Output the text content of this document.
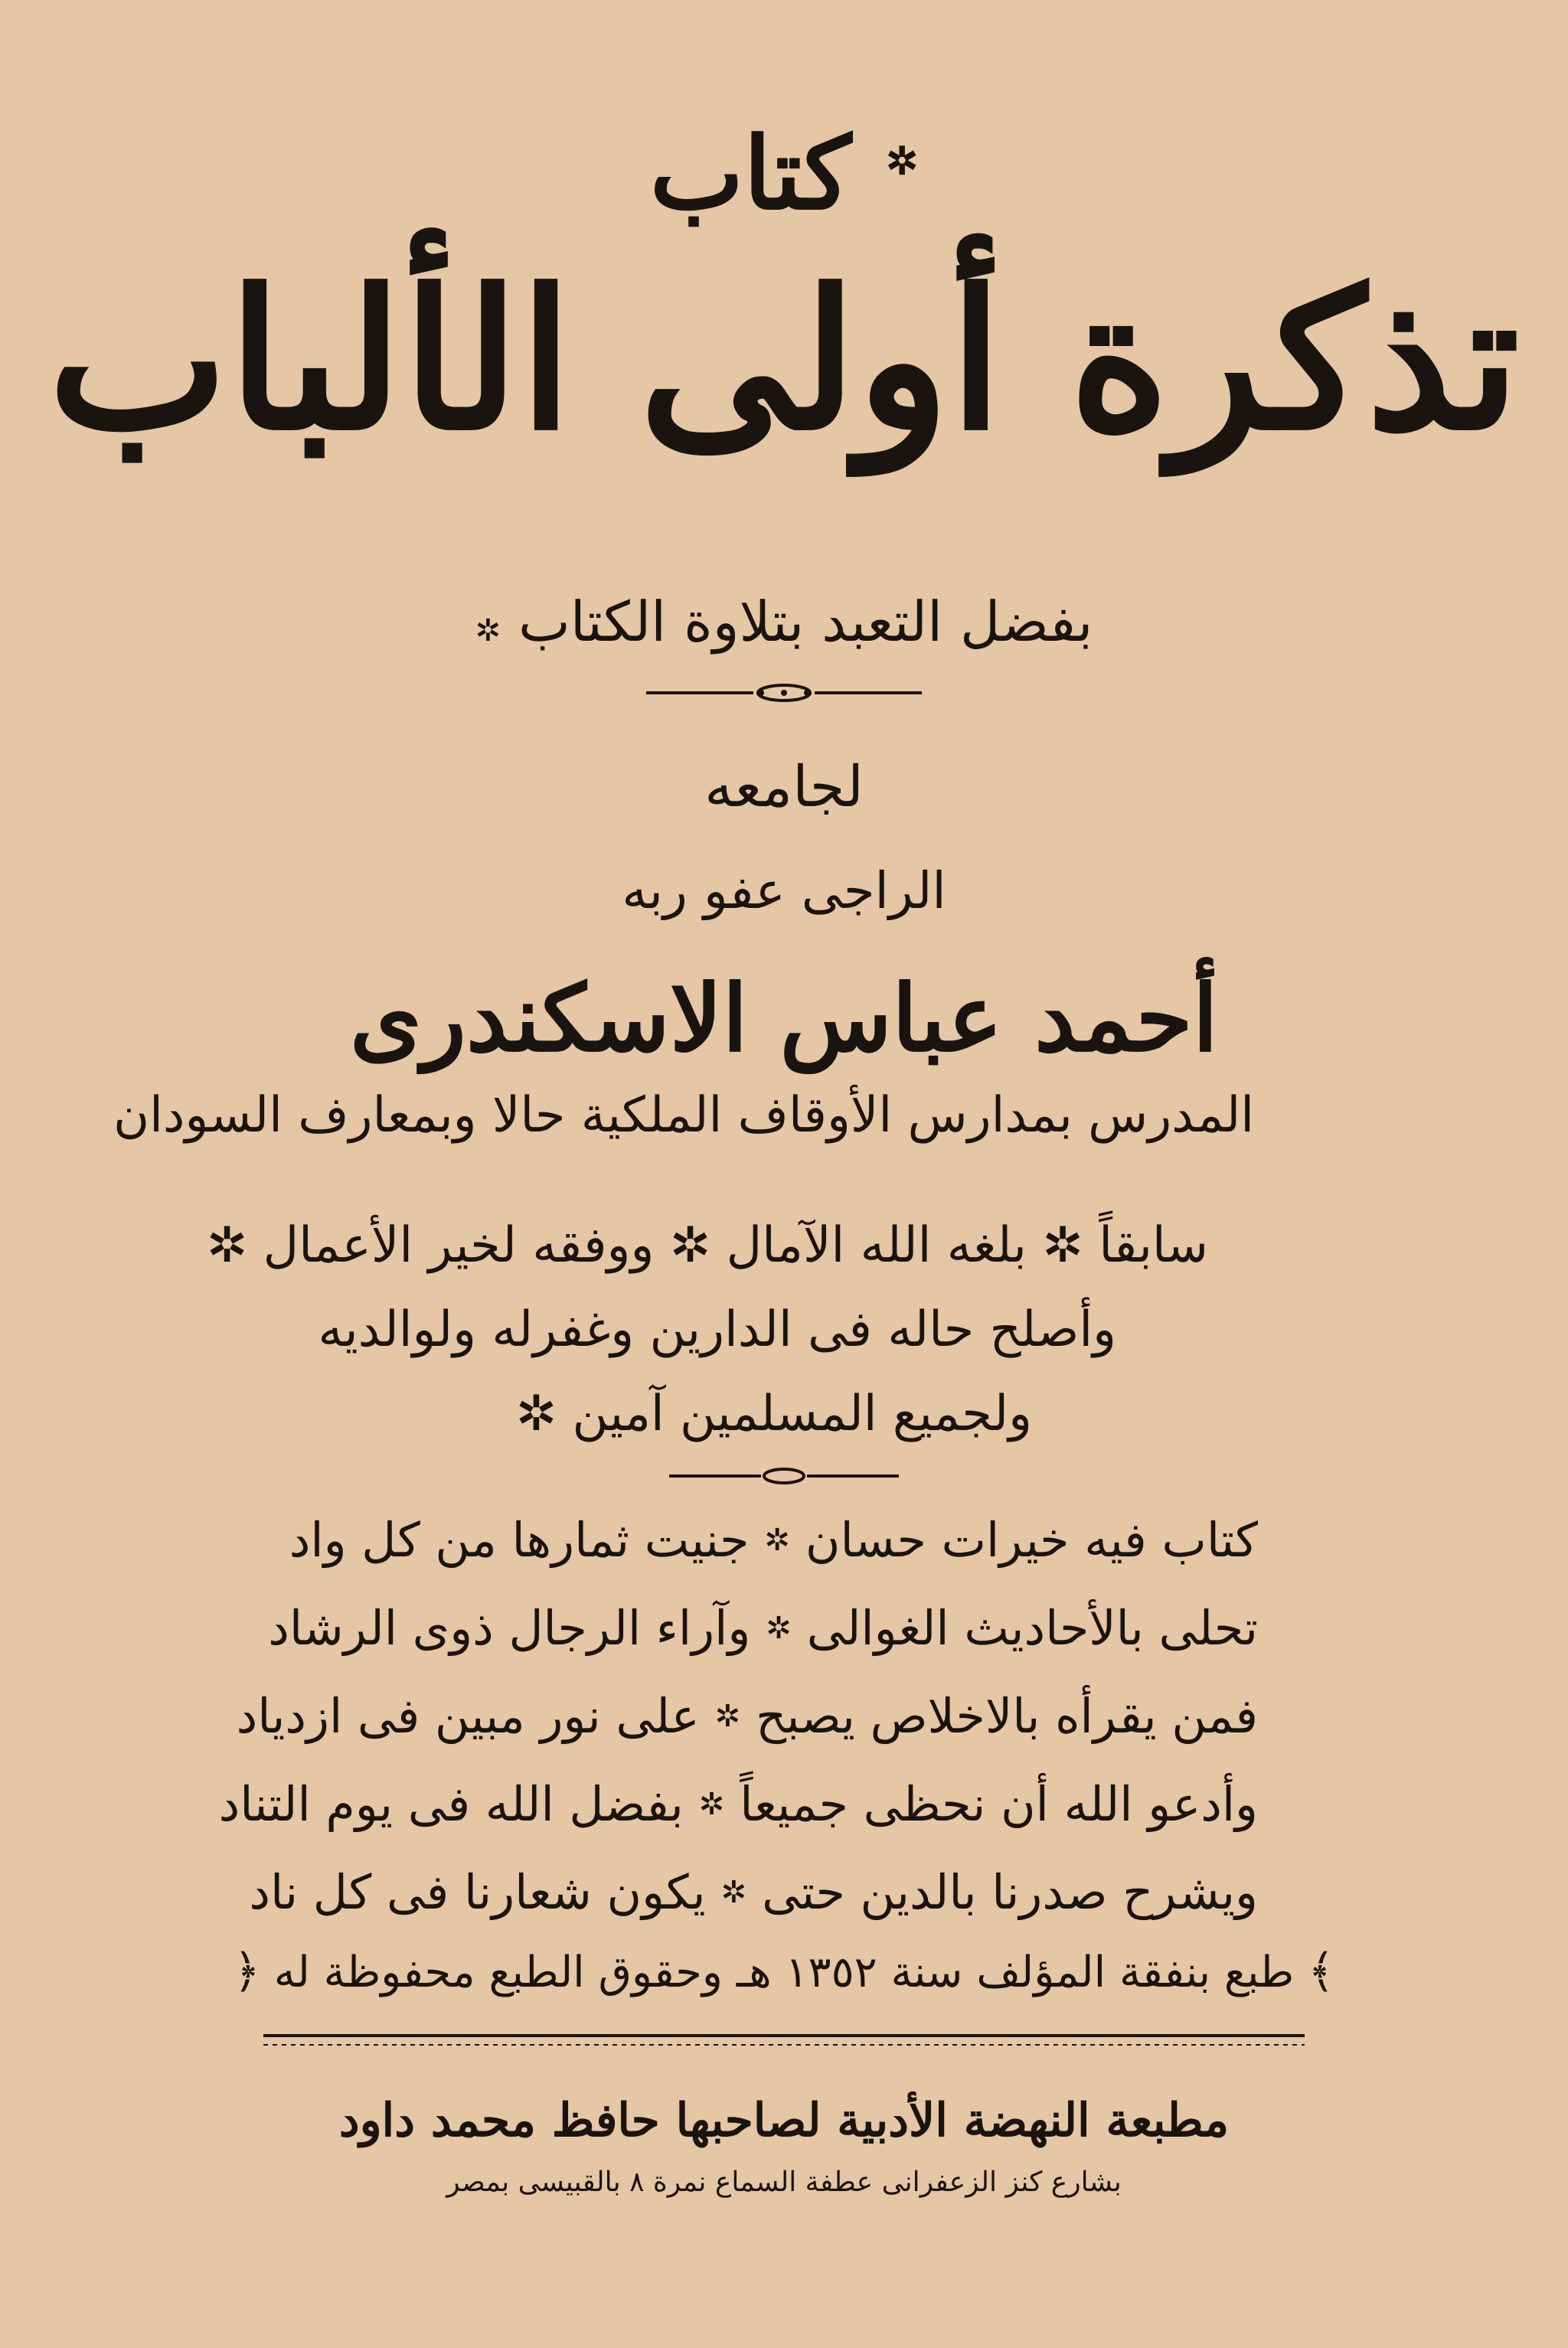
✲ كتاب
تذكرة أولى الألباب
بفضل التعبد بتلاوة الكتاب ✲
لجامعه
الراجى عفو ربه
أحمد عباس الاسكندرى
المدرس بمدارس الأوقاف الملكية حالا وبمعارف السودان
سابقاً ✲ بلغه الله الآمال ✲ ووفقه لخير الأعمال ✲
وأصلح حاله فى الدارين وغفرله ولوالديه
ولجميع المسلمين آمين ✲
كتاب فيه خيرات حسان
✲
جنيت ثمارها من كل واد
تحلى بالأحاديث الغوالى
✲
وآراء الرجال ذوى الرشاد
فمن يقرأه بالاخلاص يصبح
✲
على نور مبين فى ازدياد
وأدعو الله أن نحظى جميعاً
✲
بفضل الله فى يوم التناد
ويشرح صدرنا بالدين حتى
✲
يكون شعارنا فى كل ناد
﴾ طبع بنفقة المؤلف سنة ١٣٥٢ هـ وحقوق الطبع محفوظة له ﴿
مطبعة النهضة الأدبية لصاحبها حافظ محمد داود
بشارع كنز الزعفرانى عطفة السماع نمرة ٨ بالقبيسى بمصر
